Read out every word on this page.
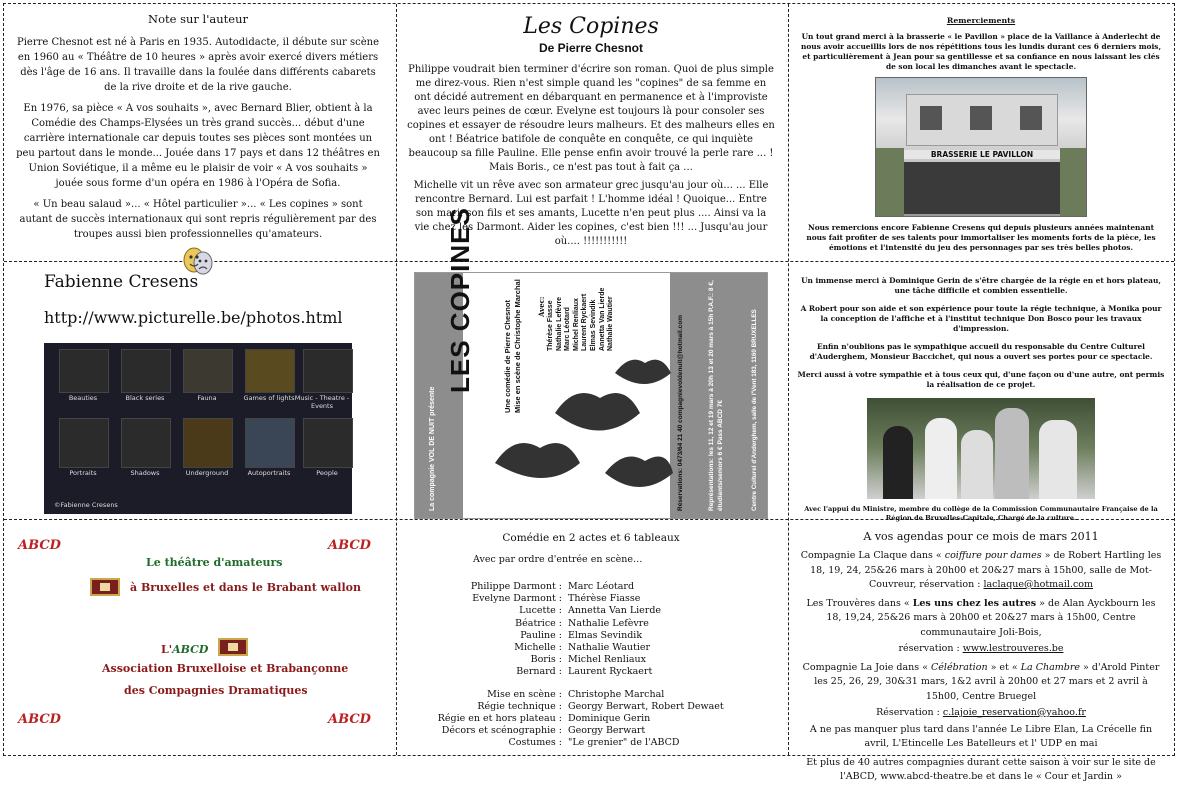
Note sur l'auteur

Pierre Chesnot est né à Paris en 1935. Autodidacte, il débute sur scène en 1960 au « Théâtre de 10 heures » après avoir exercé divers métiers dès l'âge de 16 ans. Il travaille dans la foulée dans différents cabarets de la rive droite et de la rive gauche.

En 1976, sa pièce « A vos souhaits », avec Bernard Blier, obtient à la Comédie des Champs-Elysées un très grand succès... début d'une carrière internationale car depuis toutes ses pièces sont montées un peu partout dans le monde... Jouée dans 17 pays et dans 12 théâtres en Union Soviétique, il a même eu le plaisir de voir « A vos souhaits » jouée sous forme d'un opéra en 1986 à l'Opéra de Sofia.

« Un beau salaud »... « Hôtel particulier »... « Les copines » sont autant de succès internationaux qui sont repris régulièrement par des troupes aussi bien professionnelles qu'amateurs.

Les Copines
De Pierre Chesnot

Philippe voudrait bien terminer d'écrire son roman. Quoi de plus simple me direz-vous. Rien n'est simple quand les "copines" de sa femme en ont décidé autrement en débarquant en permanence et à l'improviste avec leurs peines de cœur. Evelyne est toujours là pour consoler ses copines et essayer de résoudre leurs malheurs. Et des malheurs elles en ont ! Béatrice batifole de conquête en conquête, ce qui inquiète beaucoup sa fille Pauline. Elle pense enfin avoir trouvé la perle rare ... ! Mais Boris., ce n'est pas tout à fait ça ...

Michelle vit un rêve avec son armateur grec jusqu'au jour où... ... Elle rencontre Bernard. Lui est parfait ! L'homme idéal ! Quoique... Entre son mari, son fils et ses amants, Lucette n'en peut plus .... Ainsi va la vie chez les Darmont. Aider les copines, c'est bien !!! ... Jusqu'au jour où.... !!!!!!!!!!!

Remerciements

Un tout grand merci à la brasserie « le Pavillon » place de la Vaillance à Anderlecht de nous avoir accueillis lors de nos répétitions tous les lundis durant ces 6 derniers mois, et particulièrement à Jean pour sa gentillesse et sa confiance en nous laissant les clés de son local les dimanches avant le spectacle.

BRASSERIE LE PAVILLON

Nous remercions encore Fabienne Cresens qui depuis plusieurs années maintenant nous fait profiter de ses talents pour immortaliser les moments forts de la pièce, les émotions et l'intensité du jeu des personnages par ses très belles photos.

Fabienne Cresens
http://www.picturelle.be/photos.html
Beauties	Black series	Fauna	Games of lights Music - Theatre - Events
Portraits	Shadows	Underground	Autoportraits	People
©Fabienne Cresens
LES COPINES	Une comédie de Pierre Chesnot Mise en scène de Christophe Marchal Avec: Thérèse Fiasse Nathalie Lefèvre Marc Léotard Michel Renliaux Laurent Ryckaert Elmas Sevindik Annetta Van Lierde Nathalie Wautier
La compagnie VOL DE NUIT présente	Réservations: 0473/64 21 40 compagnievoldenuit@hotmail.com	Représentations: les 11, 12 et 19 mars à 20h 13 et 20 mars à 15h P.A.F.: 8 €, étudiants/seniors 6 € Pass ABCD 7€	Centre Culturel d'Anderghem, salle de l'Vent 183, 1160 BRUXELLES

Un immense merci à Dominique Gerin de s'être chargée de la régie en et hors plateau, une tâche difficile et combien essentielle.

A Robert pour son aide et son expérience pour toute la régie technique, à Monika pour la conception de l'affiche et à l'institut technique Don Bosco pour les travaux d'impression.

Enfin n'oublions pas le sympathique accueil du responsable du Centre Culturel d'Auderghem, Monsieur Baccichet, qui nous a ouvert ses portes pour ce spectacle.

Merci aussi à votre sympathie et à tous ceux qui, d'une façon ou d'une autre, ont permis la réalisation de ce projet.

Avec l'appui du Ministre, membre du collège de la Commission Communautaire Française de la Région de Bruxelles-Capitale, Chargé de la culture.

ABCD	ABCD
Le théâtre d'amateurs
à Bruxelles et dans le Brabant wallon
L'ABCD
Association Bruxelloise et Brabançonne
des Compagnies Dramatiques
ABCD	ABCD
Comédie en 2 actes et 6 tableaux
Avec par ordre d'entrée en scène…
Philippe Darmont :	Marc Léotard
Evelyne Darmont :	Thérèse Fiasse
Lucette :	Annetta Van Lierde
Béatrice :	Nathalie Lefèvre
Pauline :	Elmas Sevindik
Michelle :	Nathalie Wautier
Boris :	Michel Renliaux
Bernard :	Laurent Ryckaert
Mise en scène :	Christophe Marchal
Régie technique :	Georgy Berwart, Robert Dewaet
Régie en et hors plateau :	Dominique Gerin
Décors et scénographie :	Georgy Berwart
Costumes :	"Le grenier" de l'ABCD
A vos agendas pour ce mois de mars 2011

Compagnie La Claque dans « coiffure pour dames » de Robert Hartling les 18, 19, 24, 25&26 mars à 20h00 et 20&27 mars à 15h00, salle de Mot-Couvreur, réservation : laclaque@hotmail.com

Les Trouvères dans « Les uns chez les autres » de Alan Ayckbourn les 18, 19,24, 25&26 mars à 20h00 et 20&27 mars à 15h00, Centre communautaire Joli-Bois,

réservation : www.lestrouveres.be

Compagnie La Joie dans « Célébration » et « La Chambre » d'Arold Pinter les 25, 26, 29, 30&31 mars, 1&2 avril à 20h00 et 27 mars et 2 avril à 15h00, Centre Bruegel

Réservation : c.lajoie_reservation@yahoo.fr

A ne pas manquer plus tard dans l'année Le Libre Elan, La Crécelle fin avril, L'Etincelle Les Batelleurs et l' UDP en mai

Et plus de 40 autres compagnies durant cette saison à voir sur le site de l'ABCD, www.abcd-theatre.be et dans le « Cour et Jardin »
